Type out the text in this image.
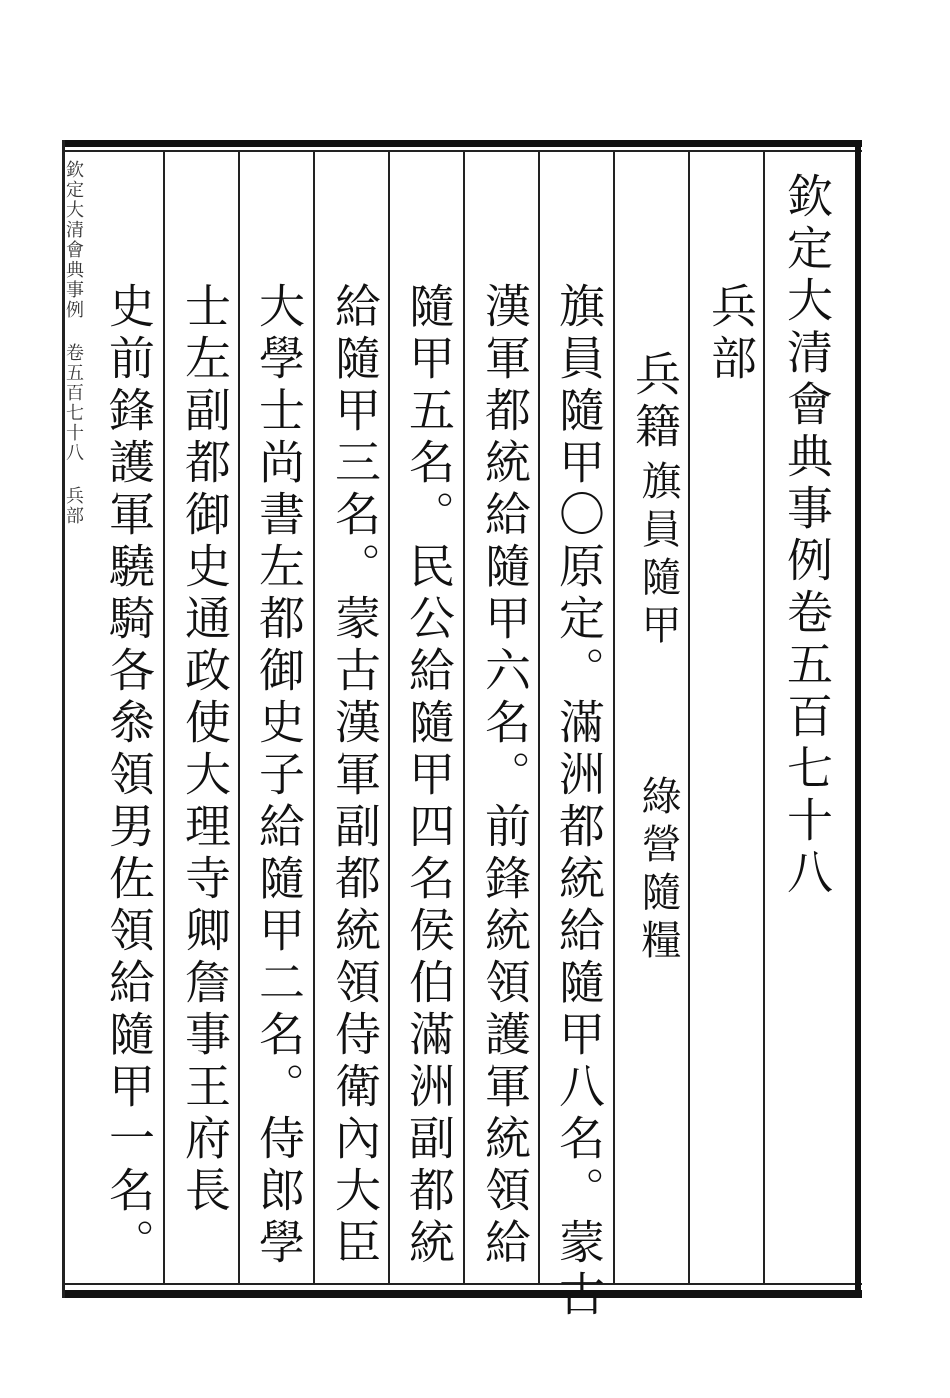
欽定大清會典事例 卷五百七十八 兵部	欽定大清會典事例卷五百七十八
兵部
兵籍
旗員隨甲
綠營隨糧
旗員隨甲〇原定。滿洲都統給隨甲八名。蒙古
漢軍都統給隨甲六名。前鋒統領護軍統領給
隨甲五名。民公給隨甲四名侯伯滿洲副都統
給隨甲三名。蒙古漢軍副都統領侍衛內大臣
大學士尚書左都御史子給隨甲二名。侍郎學
士左副都御史通政使大理寺卿詹事王府長
史前鋒護軍驍騎各叅領男佐領給隨甲一名。
